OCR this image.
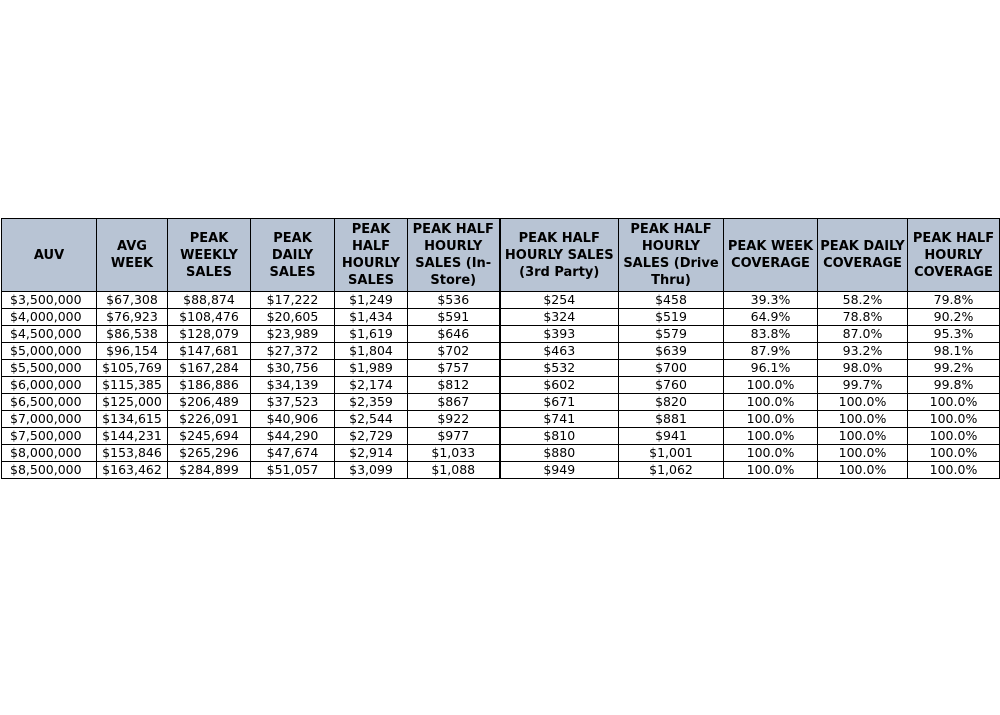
AUV	AVG WEEK	PEAK WEEKLY SALES	PEAK DAILY SALES	PEAK HALF HOURLY SALES	PEAK HALF HOURLY SALES (In-Store)	PEAK HALF HOURLY SALES (3rd Party)	PEAK HALF HOURLY SALES (Drive Thru)	PEAK WEEK COVERAGE	PEAK DAILY COVERAGE	PEAK HALF HOURLY COVERAGE
$3,500,000	$67,308	$88,874	$17,222	$1,249	$536	$254	$458	39.3%	58.2%	79.8%
$4,000,000	$76,923	$108,476	$20,605	$1,434	$591	$324	$519	64.9%	78.8%	90.2%
$4,500,000	$86,538	$128,079	$23,989	$1,619	$646	$393	$579	83.8%	87.0%	95.3%
$5,000,000	$96,154	$147,681	$27,372	$1,804	$702	$463	$639	87.9%	93.2%	98.1%
$5,500,000	$105,769	$167,284	$30,756	$1,989	$757	$532	$700	96.1%	98.0%	99.2%
$6,000,000	$115,385	$186,886	$34,139	$2,174	$812	$602	$760	100.0%	99.7%	99.8%
$6,500,000	$125,000	$206,489	$37,523	$2,359	$867	$671	$820	100.0%	100.0%	100.0%
$7,000,000	$134,615	$226,091	$40,906	$2,544	$922	$741	$881	100.0%	100.0%	100.0%
$7,500,000	$144,231	$245,694	$44,290	$2,729	$977	$810	$941	100.0%	100.0%	100.0%
$8,000,000	$153,846	$265,296	$47,674	$2,914	$1,033	$880	$1,001	100.0%	100.0%	100.0%
$8,500,000	$163,462	$284,899	$51,057	$3,099	$1,088	$949	$1,062	100.0%	100.0%	100.0%
